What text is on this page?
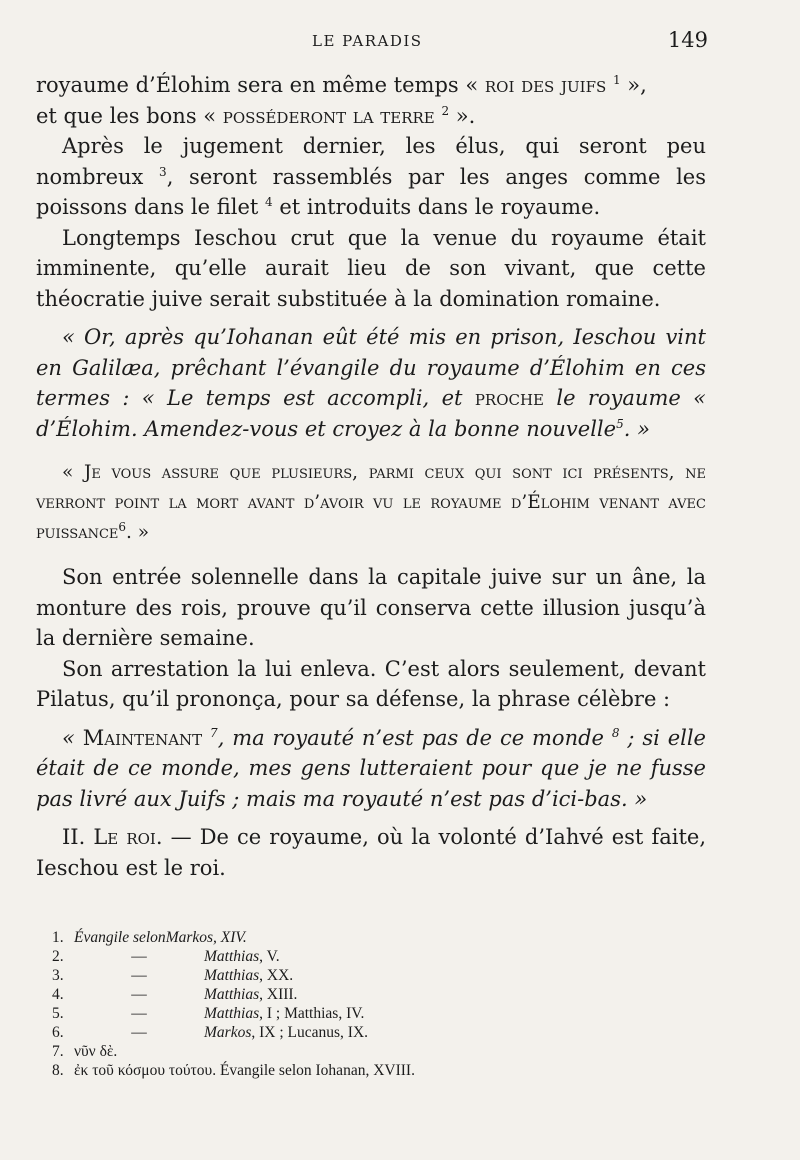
LE PARADIS	149

royaume d’Élohim sera en même temps « roi des juifs $^1$ »,
et que les bons « posséderont la terre $^2$ ».

Après le jugement dernier, les élus, qui seront peu nombreux $^3$, seront rassemblés par les anges comme les poissons dans le filet $^4$ et introduits dans le royaume.

Longtemps Ieschou crut que la venue du royaume était imminente, qu’elle aurait lieu de son vivant, que cette théocratie juive serait substituée à la domination romaine.

« Or, après qu’Iohanan eût été mis en prison, Ieschou vint en Galilæa, prêchant l’évangile du royaume d’Élohim en ces termes : « Le temps est accompli, et proche le royaume « d’Élohim. Amendez-vous et croyez à la bonne nouvelle$^5$. »

« Je vous assure que plusieurs, parmi ceux qui sont ici présents, ne verront point la mort avant d’avoir vu le royaume d’Élohim venant avec puissance$^6$. »

Son entrée solennelle dans la capitale juive sur un âne, la monture des rois, prouve qu’il conserva cette illusion jusqu’à la dernière semaine.

Son arrestation la lui enleva. C’est alors seulement, devant Pilatus, qu’il prononça, pour sa défense, la phrase célèbre :

« Maintenant $^7$, ma royauté n’est pas de ce monde $^8$ ; si elle était de ce monde, mes gens lutteraient pour que je ne fusse pas livré aux Juifs ; mais ma royauté n’est pas d’ici-bas. »

II. Le roi. — De ce royaume, où la volonté d’Iahvé est faite, Ieschou est le roi.

1. Évangile selon Markos, XIV.
2.	—	Matthias , V.
3.	—	Matthias , XX.
4.	—	Matthias , XIII.
5.	—	Matthias , I ; Matthias, IV.
6.	—	Markos , IX ; Lucanus, IX.
7. νῦν δὲ.
8. ἐκ τοῦ κόσμου τούτου. Évangile selon Iohanan, XVIII.
